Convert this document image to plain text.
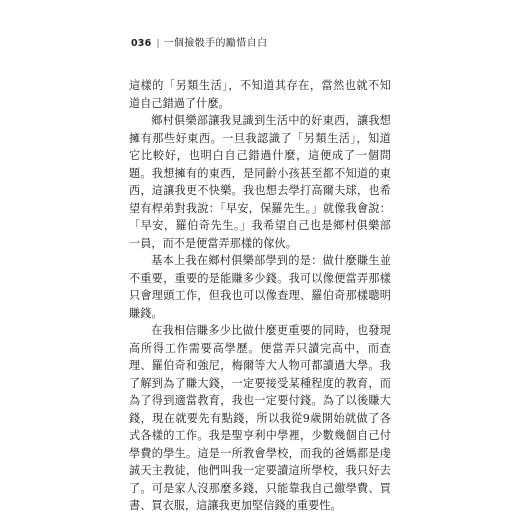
036 | 一個撿骰手的勵惜自白

這樣的「另類生活」，不知道其存在，當然也就不知道自己錯過了什麼。

鄉村俱樂部讓我見識到生活中的好東西，讓我想擁有那些好東西。一旦我認識了「另類生活」，知道它比較好，也明白自己錯過什麼，這便成了一個問題。我想擁有的東西，是同齡小孩甚至都不知道的東西，這讓我更不快樂。我也想去學打高爾夫球，也希望有桿弟對我說：「早安，保羅先生。」就像我會說：「早安，羅伯奇先生。」我希望自己也是鄉村俱樂部一員，而不是便當弄那樣的傢伙。

基本上我在鄉村俱樂部學到的是：做什麼賺生並不重要，重要的是能賺多少錢。我可以像便當弄那樣只會理頭工作，但我也可以像查理、羅伯奇那樣聰明賺錢。

在我相信賺多少比做什麼更重要的同時，也發現高所得工作需要高學歷。便當弄只讀完高中，而查理、羅伯奇和強尼，梅爾等大人物可都讀過大學。我了解到為了賺大錢，一定要接受某種程度的教育，而為了得到適當教育，我也一定要付錢。為了以後賺大錢，現在就要先有點錢，所以我從9歲開始就做了各式各樣的工作。我是聖亨利中學裡，少數幾個自己付學費的學生。這是一所教會學校，而我的爸媽都是虔誠天主教徒，他們叫我一定要讀這所學校，我只好去了。可是家人沒那麼多錢，只能靠我自己繳學費、買書、買衣服，這讓我更加堅信錢的重要性。
